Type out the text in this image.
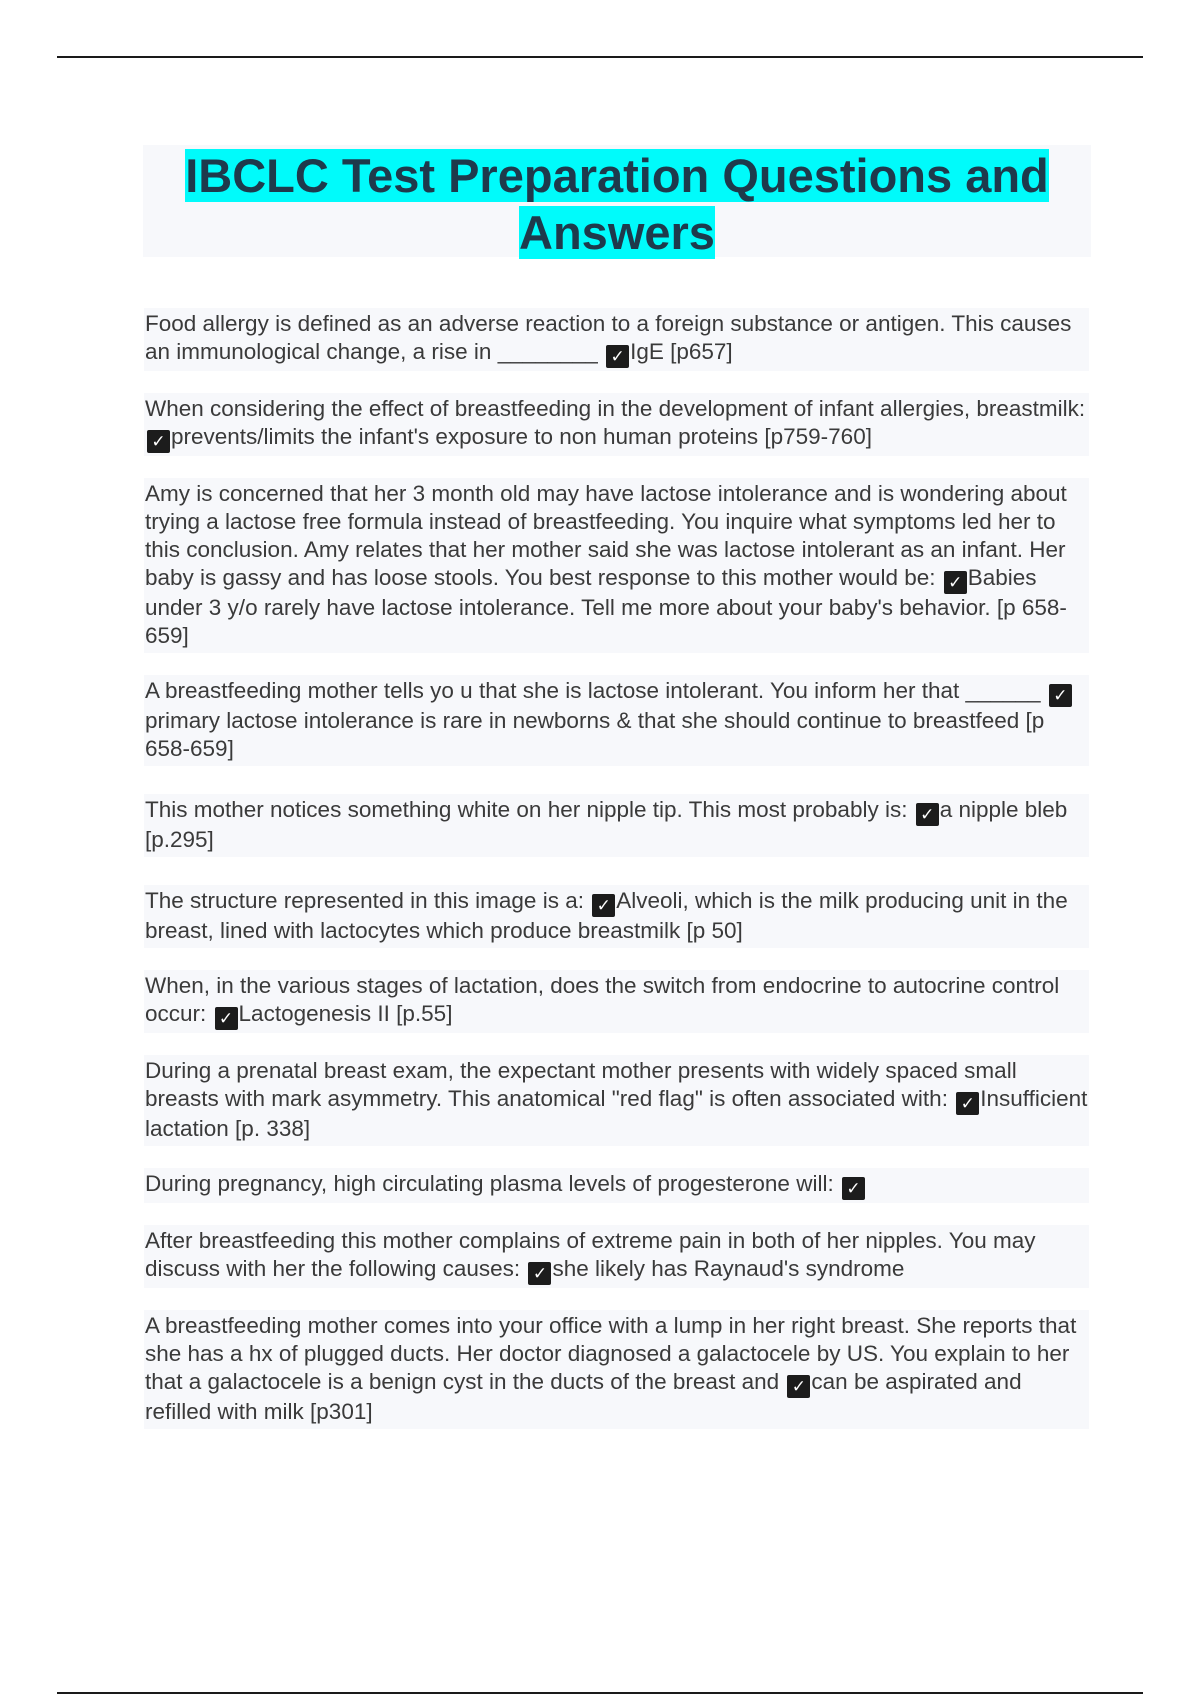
IBCLC Test Preparation Questions and Answers

Food allergy is defined as an adverse reaction to a foreign substance or antigen. This causes an immunological change, a rise in ________ ✓ IgE [p657]

When considering the effect of breastfeeding in the development of infant allergies, breastmilk: ✓ prevents/limits the infant's exposure to non human proteins [p759-760]

Amy is concerned that her 3 month old may have lactose intolerance and is wondering about trying a lactose free formula instead of breastfeeding. You inquire what symptoms led her to this conclusion. Amy relates that her mother said she was lactose intolerant as an infant. Her baby is gassy and has loose stools. You best response to this mother would be: ✓ Babies under 3 y/o rarely have lactose intolerance. Tell me more about your baby's behavior. [p 658-659]

A breastfeeding mother tells yo u that she is lactose intolerant. You inform her that ______ ✓primary lactose intolerance is rare in newborns & that she should continue to breastfeed [p 658-659]

This mother notices something white on her nipple tip. This most probably is: ✓ a nipple bleb [p.295]

The structure represented in this image is a: ✓ Alveoli, which is the milk producing unit in the breast, lined with lactocytes which produce breastmilk [p 50]

When, in the various stages of lactation, does the switch from endocrine to autocrine control occur: ✓ Lactogenesis II [p.55]

During a prenatal breast exam, the expectant mother presents with widely spaced small breasts with mark asymmetry. This anatomical "red flag" is often associated with: ✓ Insufficient lactation [p. 338]

During pregnancy, high circulating plasma levels of progesterone will: ✓

After breastfeeding this mother complains of extreme pain in both of her nipples. You may discuss with her the following causes: ✓ she likely has Raynaud's syndrome

A breastfeeding mother comes into your office with a lump in her right breast. She reports that she has a hx of plugged ducts. Her doctor diagnosed a galactocele by US. You explain to her that a galactocele is a benign cyst in the ducts of the breast and ✓ can be aspirated and refilled with milk [p301]
